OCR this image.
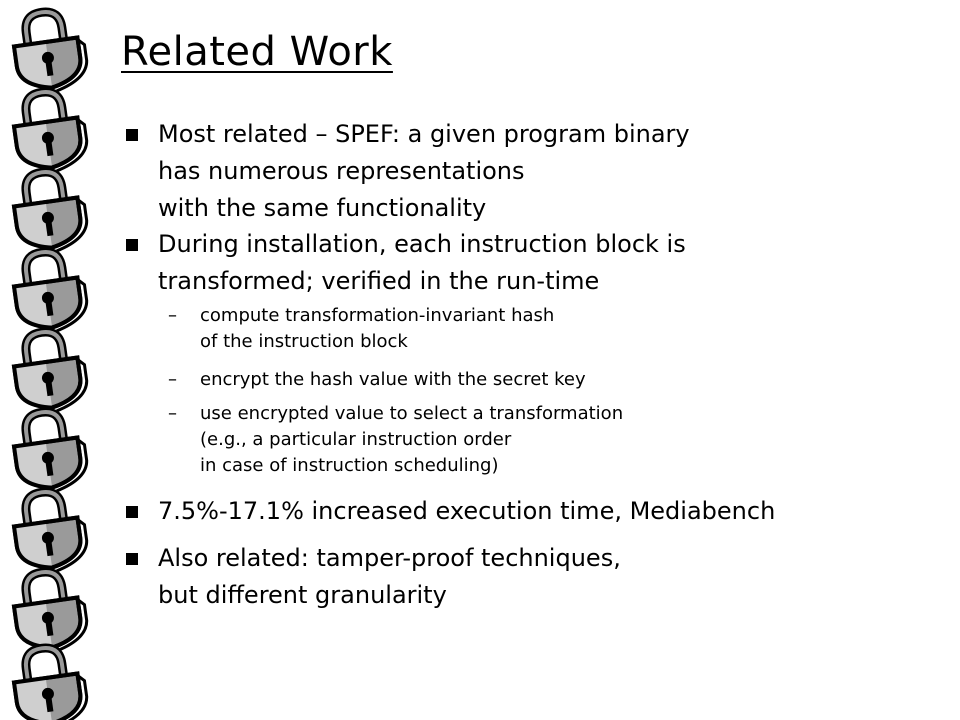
Related Work
Most related – SPEF: a given program binary
has numerous representations
with the same functionality
During installation, each instruction block is
transformed; verified in the run-time
7.5%-17.1% increased execution time, Mediabench
Also related: tamper-proof techniques,
but different granularity
– compute transformation-invariant hash
of the instruction block
– encrypt the hash value with the secret key
– use encrypted value to select a transformation
(e.g., a particular instruction order
in case of instruction scheduling)
